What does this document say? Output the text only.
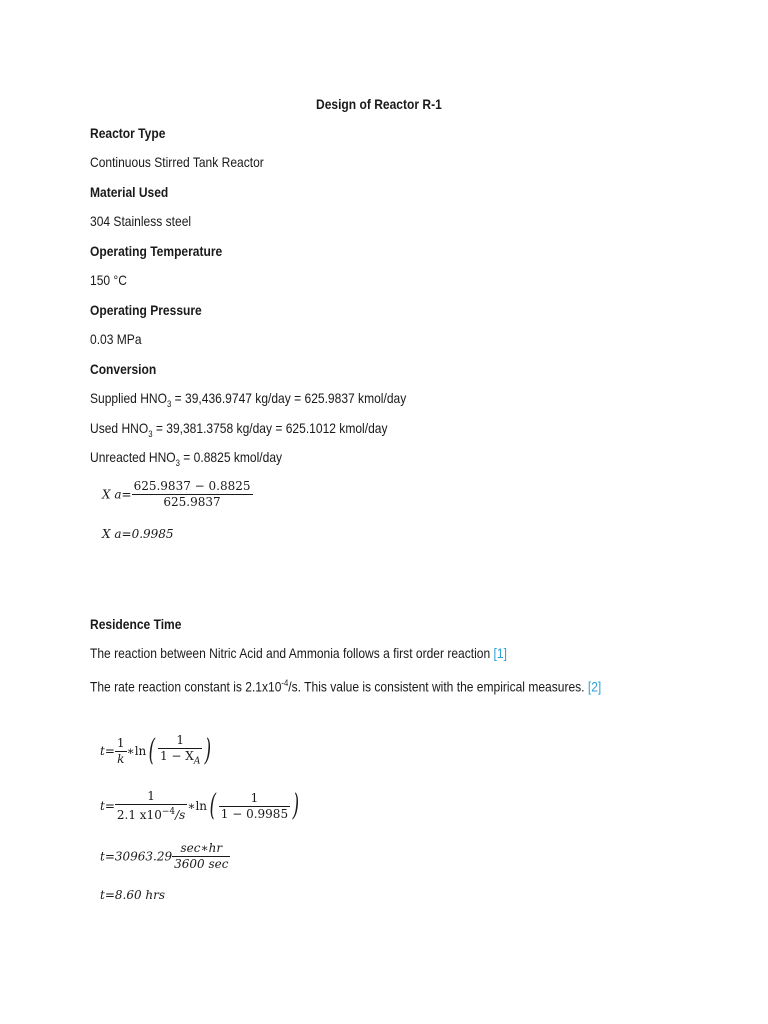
Design of Reactor R-1
Reactor Type
Continuous Stirred Tank Reactor
Material Used
304 Stainless steel
Operating Temperature
150 °C
Operating Pressure
0.03 MPa
Conversion
Supplied $HNO_3 = 39,436.9747$ kg/day = 625.9837 kmol/day
Used $HNO_3 = 39,381.3758$ kg/day = 625.1012 kmol/day
Unreacted $HNO_3 = 0.8825$ kmol/day
X $a= \frac{625.9837 - 0.8825}{625.9837}$
X a=0.9985
Residence Time
The reaction between Nitric Acid and Ammonia follows a first order reaction [1]
The rate reaction constant is $2.1x10^{-4}/s$. This value is consistent with the empirical measures. [2]
$t= \frac{1}{k}$ ∗ln( $\frac{1}{1 - X_A}$ )
$t= \frac{1}{2.1 x10^{-4}/s}$ ∗ln( $\frac{1}{1 - 0.9985}$ )
$t=30963.29 \frac{\sec∗hr}{3600 \sec}$
t=8.60 hrs
